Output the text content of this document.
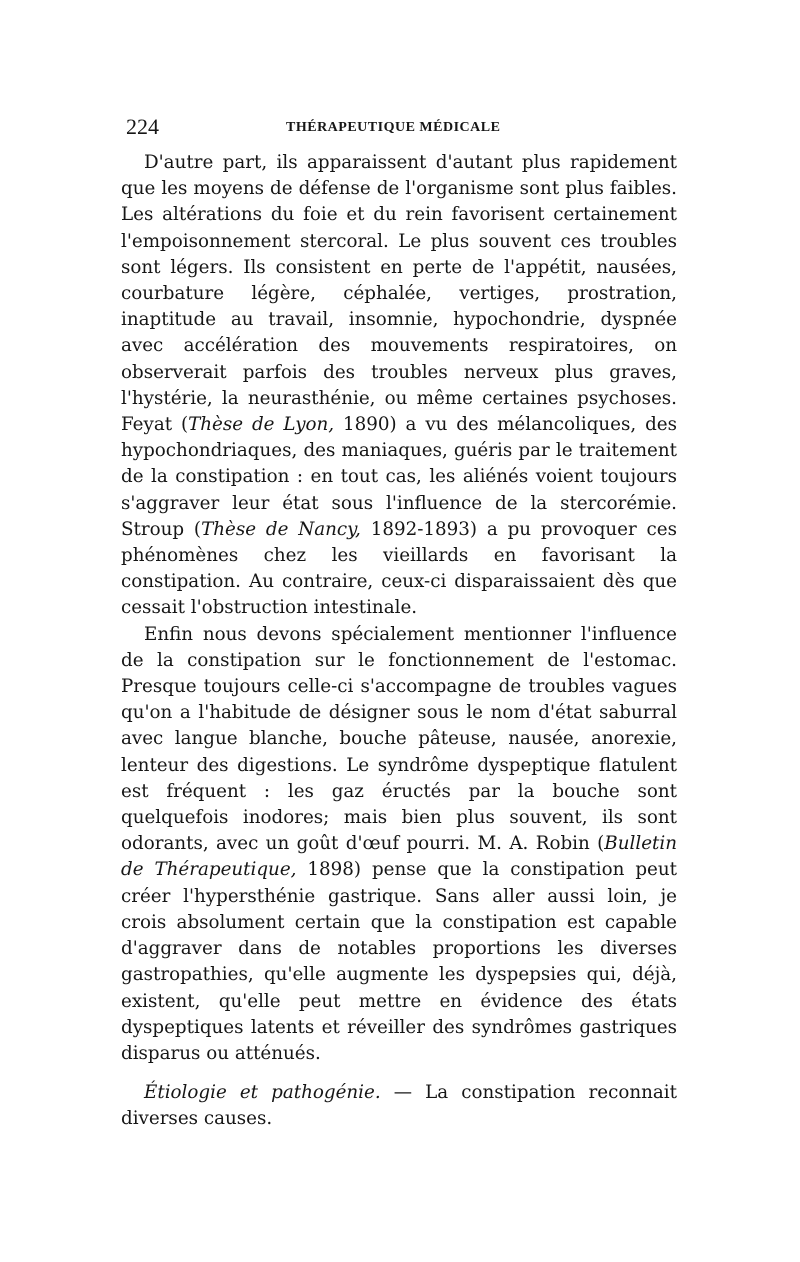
224	THÉRAPEUTIQUE MÉDICALE

D'autre part, ils apparaissent d'autant plus rapidement que les moyens de défense de l'organisme sont plus faibles. Les altérations du foie et du rein favorisent certainement l'empoisonnement stercoral. Le plus souvent ces troubles sont légers. Ils consistent en perte de l'appétit, nausées, courbature légère, céphalée, vertiges, prostration, inaptitude au travail, insomnie, hypochondrie, dyspnée avec accélération des mouvements respiratoires, on observerait parfois des troubles nerveux plus graves, l'hystérie, la neurasthénie, ou même certaines psychoses. Feyat (Thèse de Lyon, 1890) a vu des mélancoliques, des hypochondriaques, des maniaques, guéris par le traitement de la constipation : en tout cas, les aliénés voient toujours s'aggraver leur état sous l'influence de la stercorémie. Stroup (Thèse de Nancy, 1892-1893) a pu provoquer ces phénomènes chez les vieillards en favorisant la constipation. Au contraire, ceux-ci disparaissaient dès que cessait l'obstruction intestinale.

Enfin nous devons spécialement mentionner l'influence de la constipation sur le fonctionnement de l'estomac. Presque toujours celle-ci s'accompagne de troubles vagues qu'on a l'habitude de désigner sous le nom d'état saburral avec langue blanche, bouche pâteuse, nausée, anorexie, lenteur des digestions. Le syndrôme dyspeptique flatulent est fréquent : les gaz éructés par la bouche sont quelquefois inodores; mais bien plus souvent, ils sont odorants, avec un goût d'œuf pourri. M. A. Robin (Bulletin de Thérapeutique, 1898) pense que la constipation peut créer l'hypersthénie gastrique. Sans aller aussi loin, je crois absolument certain que la constipation est capable d'aggraver dans de notables proportions les diverses gastropathies, qu'elle augmente les dyspepsies qui, déjà, existent, qu'elle peut mettre en évidence des états dyspeptiques latents et réveiller des syndrômes gastriques disparus ou atténués.

Étiologie et pathogénie. — La constipation reconnait diverses causes.
